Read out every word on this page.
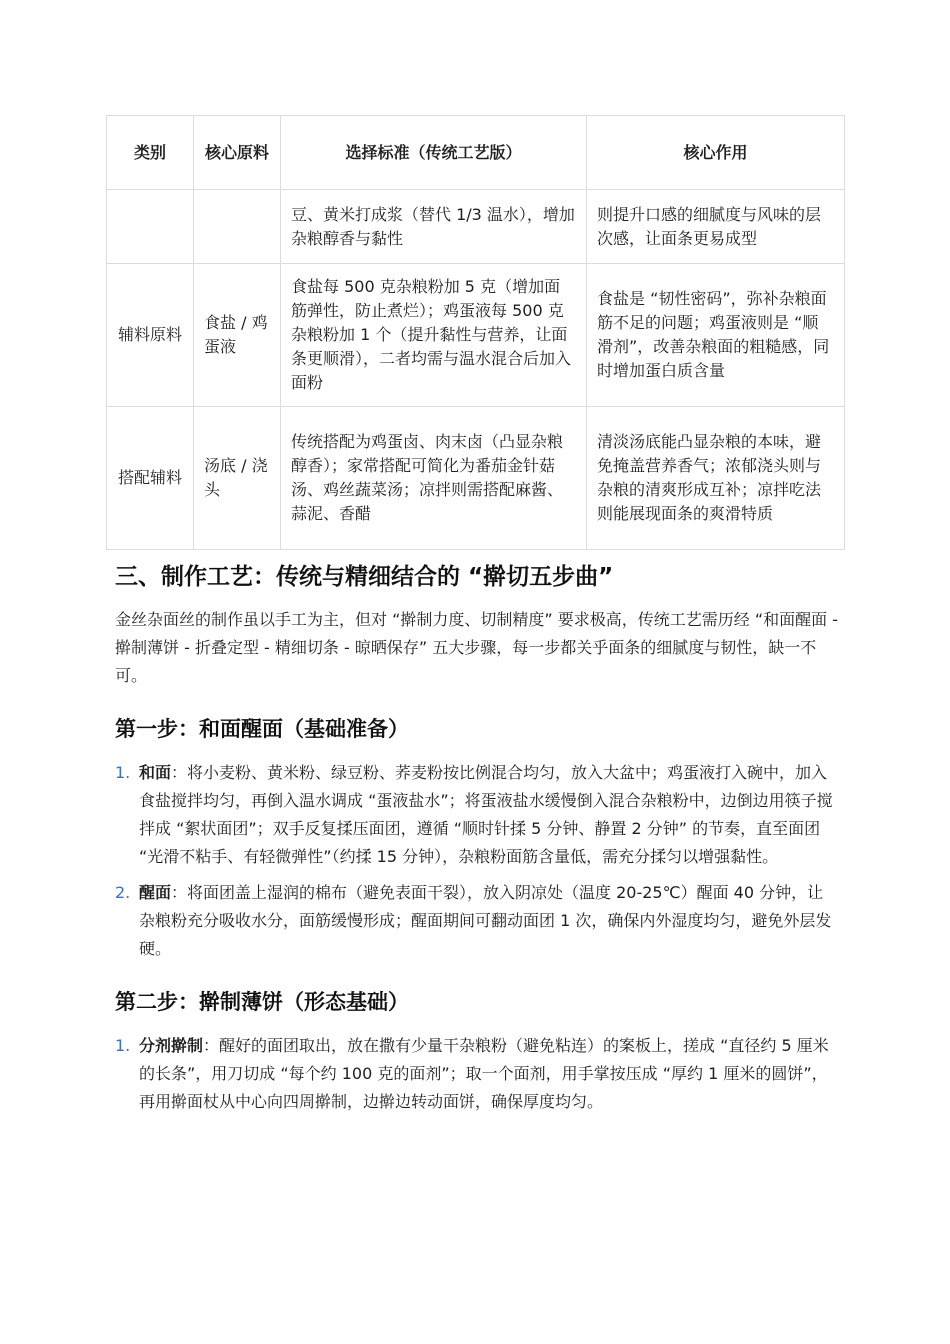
类别	核心原料	选择标准（传统工艺版）	核心作用
		豆、黄米打成浆（替代 1/3 温水），增加杂粮醇香与黏性	则提升口感的细腻度与风味的层次感，让面条更易成型
辅料原料	食盐 / 鸡蛋液	食盐每 500 克杂粮粉加 5 克（增加面筋弹性，防止煮烂）；鸡蛋液每 500 克杂粮粉加 1 个（提升黏性与营养，让面条更顺滑），二者均需与温水混合后加入面粉	食盐是 “韧性密码”，弥补杂粮面筋不足的问题；鸡蛋液则是 “顺滑剂”，改善杂粮面的粗糙感，同时增加蛋白质含量
搭配辅料	汤底 / 浇头	传统搭配为鸡蛋卤、肉末卤（凸显杂粮醇香）；家常搭配可简化为番茄金针菇汤、鸡丝蔬菜汤；凉拌则需搭配麻酱、蒜泥、香醋	清淡汤底能凸显杂粮的本味，避免掩盖营养香气；浓郁浇头则与杂粮的清爽形成互补；凉拌吃法则能展现面条的爽滑特质
三、制作工艺：传统与精细结合的 “擀切五步曲”

金丝杂面丝的制作虽以手工为主，但对 “擀制力度、切制精度” 要求极高，传统工艺需历经 “和面醒面 - 擀制薄饼 - 折叠定型 - 精细切条 - 晾晒保存” 五大步骤，每一步都关乎面条的细腻度与韧性，缺一不可。

第一步：和面醒面（基础准备）
1. 和面：将小麦粉、黄米粉、绿豆粉、荞麦粉按比例混合均匀，放入大盆中；鸡蛋液打入碗中，加入食盐搅拌均匀，再倒入温水调成 “蛋液盐水”；将蛋液盐水缓慢倒入混合杂粮粉中，边倒边用筷子搅拌成 “絮状面团”；双手反复揉压面团，遵循 “顺时针揉 5 分钟、静置 2 分钟” 的节奏，直至面团 “光滑不粘手、有轻微弹性”（约揉 15 分钟），杂粮粉面筋含量低，需充分揉匀以增强黏性。
2. 醒面：将面团盖上湿润的棉布（避免表面干裂），放入阴凉处（温度 20-25℃）醒面 40 分钟，让杂粮粉充分吸收水分，面筋缓慢形成；醒面期间可翻动面团 1 次，确保内外湿度均匀，避免外层发硬。
第二步：擀制薄饼（形态基础）
1. 分剂擀制：醒好的面团取出，放在撒有少量干杂粮粉（避免粘连）的案板上，搓成 “直径约 5 厘米的长条”，用刀切成 “每个约 100 克的面剂”；取一个面剂，用手掌按压成 “厚约 1 厘米的圆饼”，再用擀面杖从中心向四周擀制，边擀边转动面饼，确保厚度均匀。
